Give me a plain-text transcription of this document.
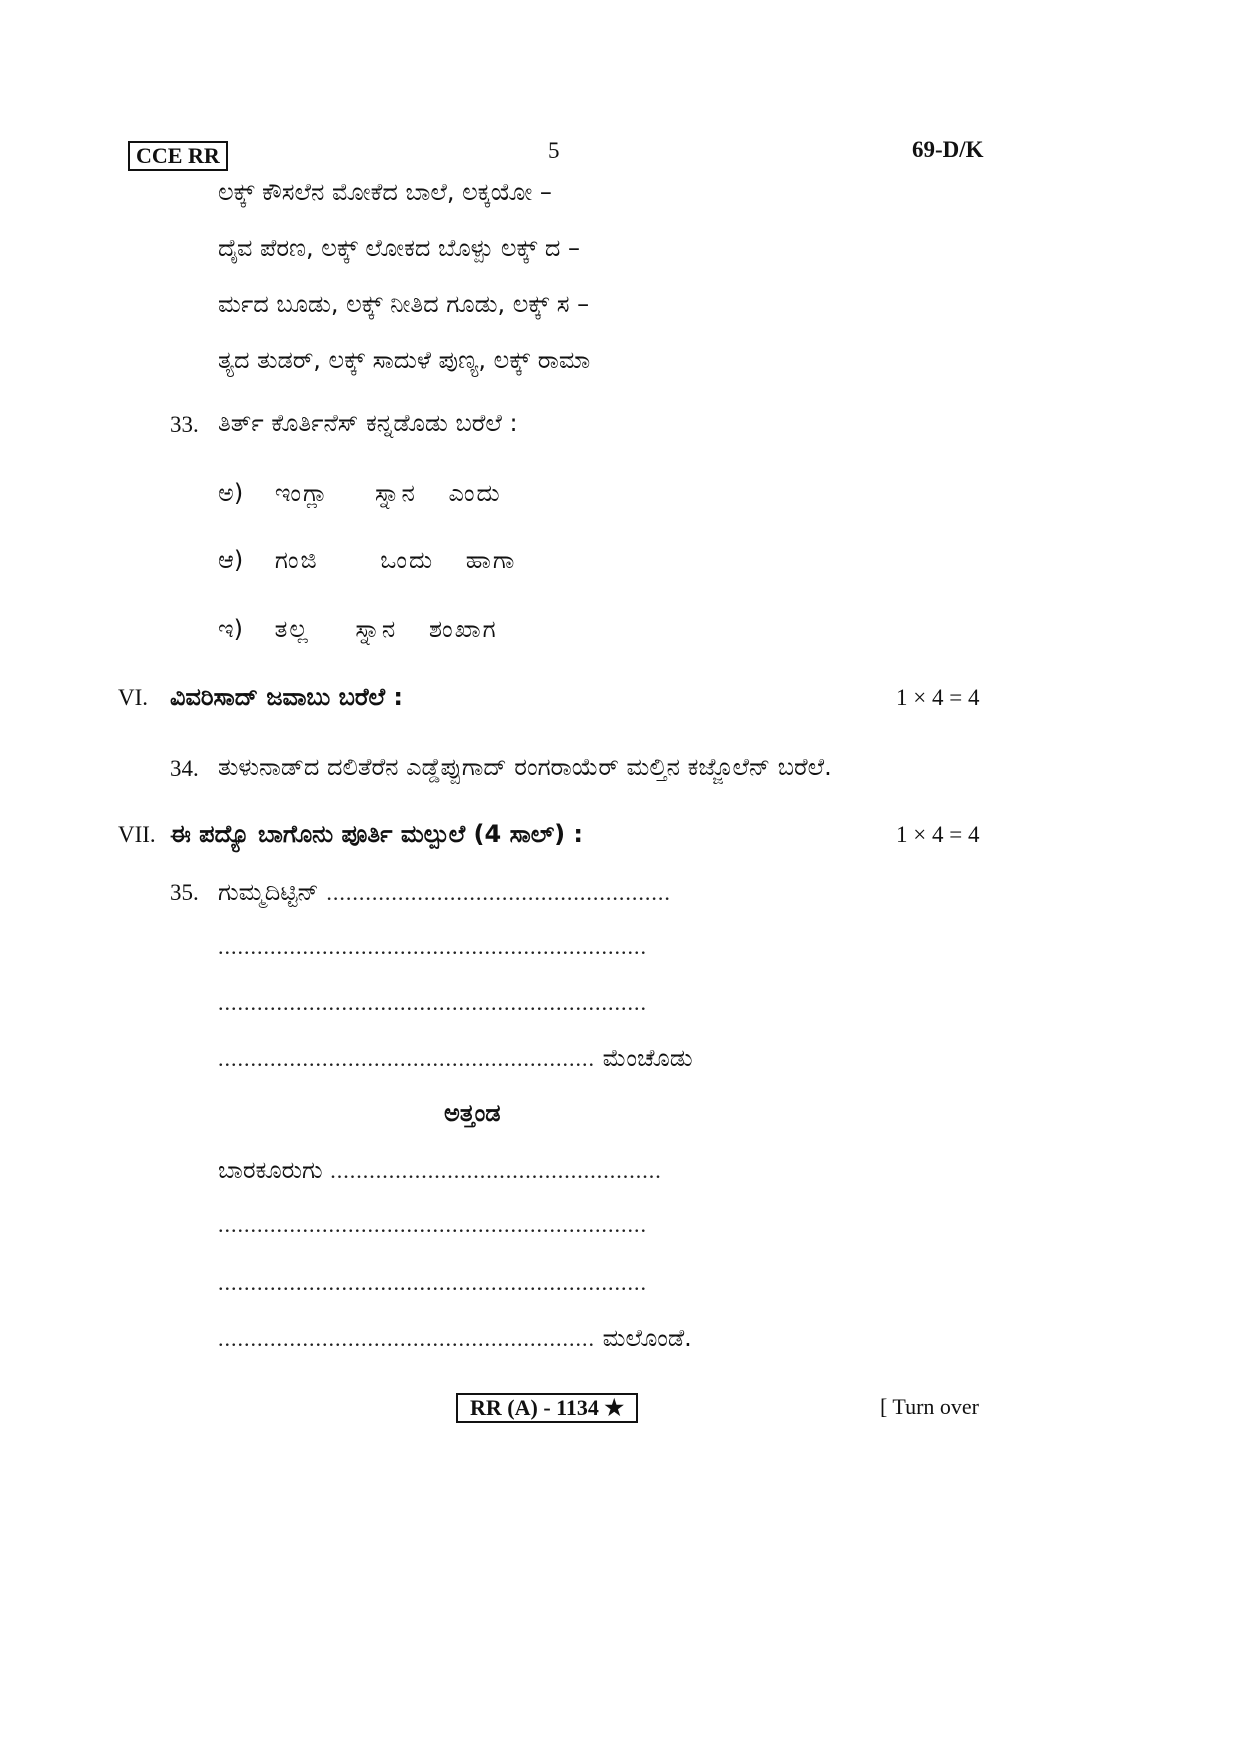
CCE RR	5	69-D/K
ಲಕ್ಕ್ ಕೌಸಲೆನ ಮೋಕೆದ ಬಾಲೆ, ಲಕ್ಕಯೋ –
ದೈವ ಪೆರಣ, ಲಕ್ಕ್ ಲೋಕದ ಬೊಳ್ಪು ಲಕ್ಕ್ ದ –
ರ್ಮದ ಬೂಡು, ಲಕ್ಕ್ ನೀತಿದ ಗೂಡು, ಲಕ್ಕ್ ಸ –
ತ್ಯದ ತುಡರ್, ಲಕ್ಕ್ ಸಾದುಳೆ ಪುಣ್ಯ, ಲಕ್ಕ್ ರಾಮಾ
33. ತಿರ್ತ್ ಕೊರ್ತಿನೆಸ್ ಕನ್ನಡೊಡು ಬರೆಲೆ :
ಅ) ಇಂಗ್ಲಾ ಸ್ನಾನ ಎಂದು
ಆ) ಗಂಜಿ	ಒಂದು ಹಾಗಾ
ಇ) ತಲ್ಲ ಸ್ನಾನ ಶಂಖಾಗ
VI. ವಿವರಿಸಾದ್ ಜವಾಬು ಬರೆಲೆ :	1 × 4 = 4
34. ತುಳುನಾಡ್‌ದ ದಲಿತೆರೆನ ಎಡ್ಡೆಪ್ಪುಗಾದ್ ರಂಗರಾಯೆರ್ ಮಲ್ತಿನ ಕಜ್ಜೊಲೆನ್ ಬರೆಲೆ.
VII. ಈ ಪದ್ಯೊ ಬಾಗೊನು ಪೂರ್ತಿ ಮಲ್ಪುಲೆ (4 ಸಾಲ್) :	1 × 4 = 4
35. ಗುಮ್ಮದಿಟ್ಟಿನ್ .....................................................
..................................................................
..................................................................
.......................................................... ಮೆಂಚೊಡು
ಅತ್ತಂಡ
ಬಾರಕೂರುಗು ...................................................
..................................................................
..................................................................
.......................................................... ಮಲೊಂಡೆ.
RR (A) - 1134 ★	[ Turn over
